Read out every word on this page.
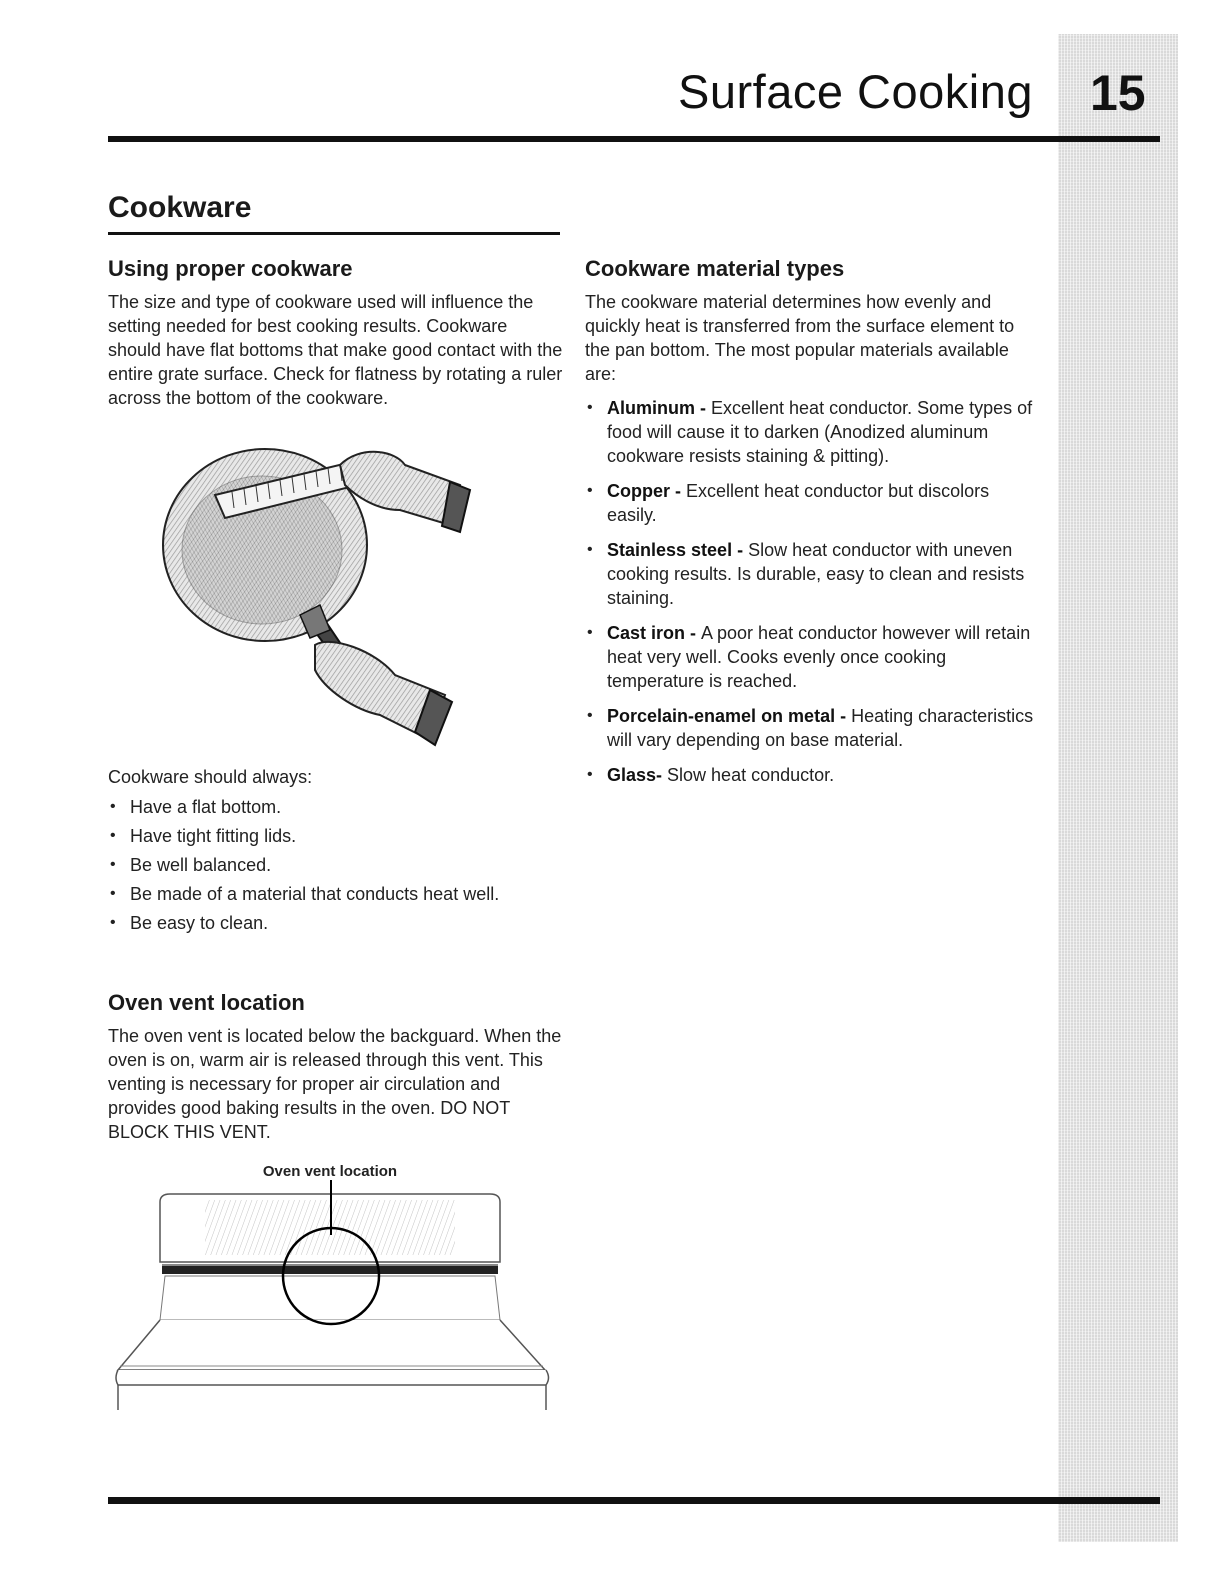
Surface Cooking 15
Cookware
Using proper cookware

The size and type of cookware used will influence the setting needed for best cooking results. Cookware should have flat bottoms that make good contact with the entire grate surface. Check for flatness by rotating a ruler across the bottom of the cookware.

Cookware should always:

• Have a flat bottom.
• Have tight fitting lids.
• Be well balanced.
• Be made of a material that conducts heat well.
• Be easy to clean.
Oven vent location

The oven vent is located below the backguard. When the oven is on, warm air is released through this vent. This venting is necessary for proper air circulation and provides good baking results in the oven. DO NOT BLOCK THIS VENT.

Oven vent location
Cookware material types

The cookware material determines how evenly and quickly heat is transferred from the surface element to the pan bottom. The most popular materials available are:

• Aluminum - Excellent heat conductor. Some types of food will cause it to darken (Anodized aluminum cookware resists staining & pitting).
• Copper - Excellent heat conductor but discolors easily.
• Stainless steel - Slow heat conductor with uneven cooking results. Is durable, easy to clean and resists staining.
• Cast iron - A poor heat conductor however will retain heat very well. Cooks evenly once cooking temperature is reached.
• Porcelain-enamel on metal - Heating characteristics will vary depending on base material.
• Glass- Slow heat conductor.
